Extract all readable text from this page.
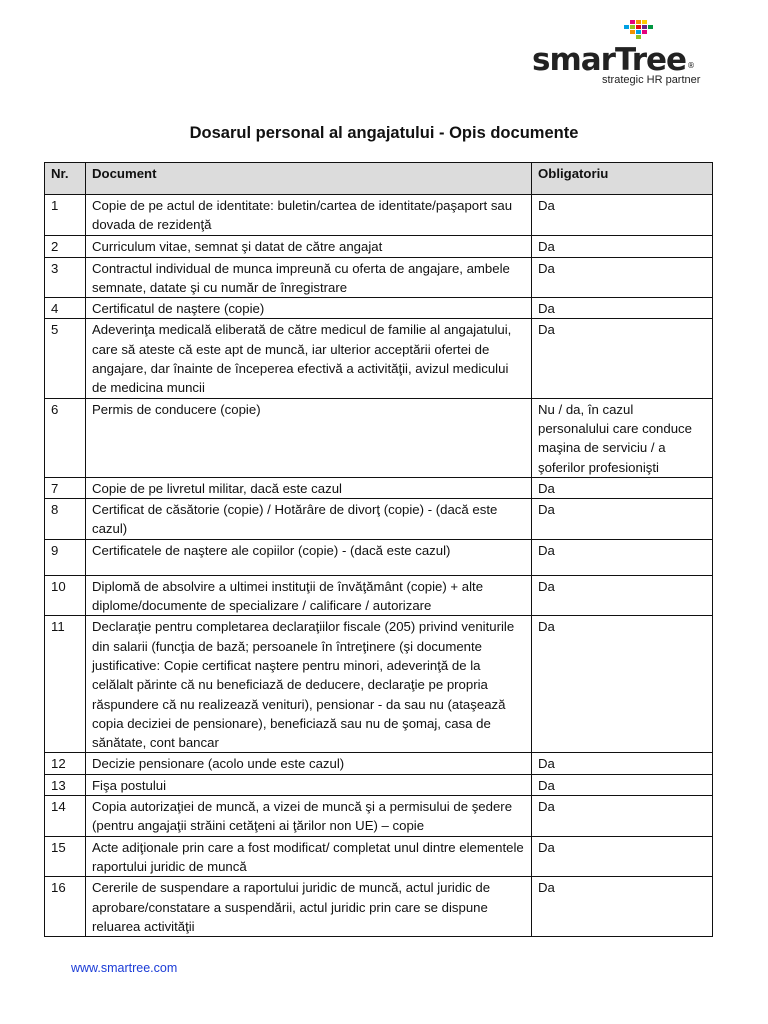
smarTree®
strategic HR partner
Dosarul personal al angajatului - Opis documente
Nr.	Document	Obligatoriu
1	Copie de pe actul de identitate: buletin/cartea de identitate/paşaport sau dovada de rezidenţă	Da
2	Curriculum vitae, semnat şi datat de către angajat	Da
3	Contractul individual de munca impreună cu oferta de angajare, ambele semnate, datate şi cu număr de înregistrare	Da
4	Certificatul de naştere (copie)	Da
5	Adeverinţa medicală eliberată de către medicul de familie al angajatului, care să ateste că este apt de muncă, iar ulterior acceptării ofertei de angajare, dar înainte de începerea efectivă a activităţii, avizul medicului de medicina muncii	Da
6	Permis de conducere (copie)	Nu / da, în cazul personalului care conduce maşina de serviciu / a şoferilor profesionişti
7	Copie de pe livretul militar, dacă este cazul	Da
8	Certificat de căsătorie (copie) / Hotărâre de divorţ (copie) - (dacă este cazul)	Da
9	Certificatele de naştere ale copiilor (copie) - (dacă este cazul)	Da
10	Diplomă de absolvire a ultimei instituţii de învăţământ (copie) + alte diplome/documente de specializare / calificare / autorizare	Da
11	Declaraţie pentru completarea declaraţiilor fiscale (205) privind veniturile din salarii (funcţia de bază; persoanele în întreţinere (şi documente justificative: Copie certificat naştere pentru minori, adeverinţă de la celălalt părinte că nu beneficiază de deducere, declaraţie pe propria răspundere că nu realizează venituri), pensionar - da sau nu (ataşează copia deciziei de pensionare), beneficiază sau nu de şomaj, casa de sănătate, cont bancar	Da
12	Decizie pensionare (acolo unde este cazul)	Da
13	Fişa postului	Da
14	Copia autorizaţiei de muncă, a vizei de muncă şi a permisului de şedere (pentru angajaţii străini cetăţeni ai ţărilor non UE) – copie	Da
15	Acte adiţionale prin care a fost modificat/ completat unul dintre elementele raportului juridic de muncă	Da
16	Cererile de suspendare a raportului juridic de muncă, actul juridic de aprobare/constatare a suspendării, actul juridic prin care se dispune reluarea activităţii	Da
www.smartree.com
